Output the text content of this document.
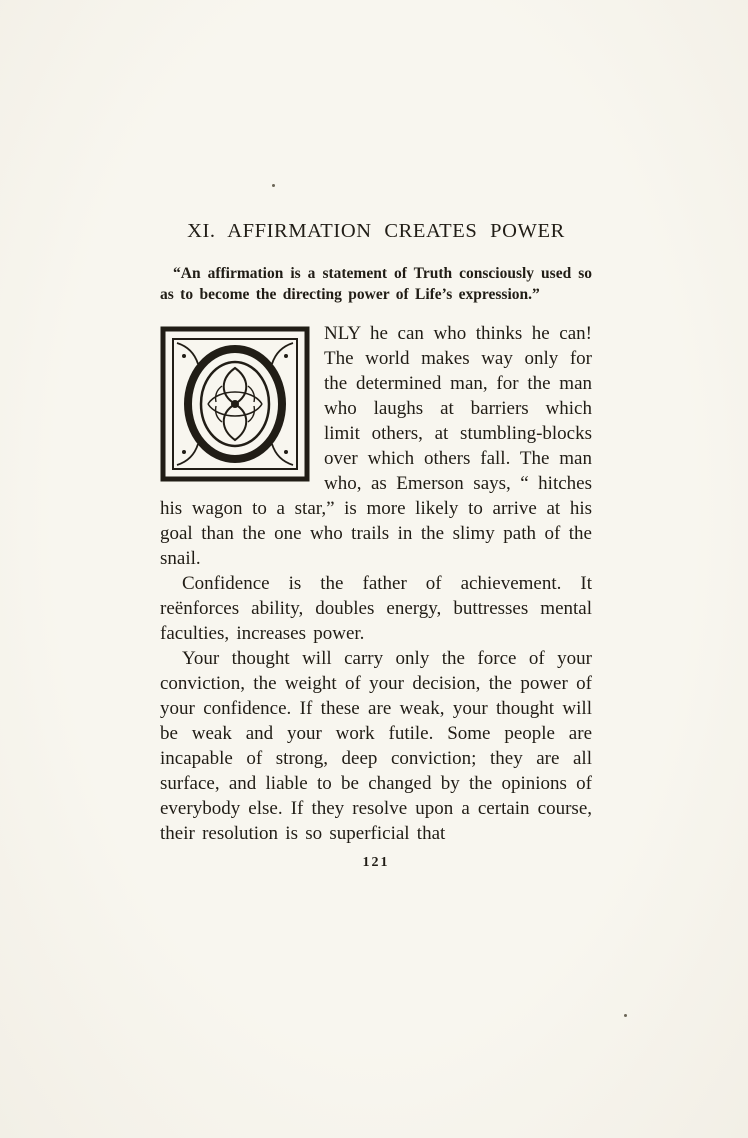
XI. AFFIRMATION CREATES POWER

“An affirmation is a statement of Truth consciously used so as to become the directing power of Life’s expression.”

NLY he can who thinks he can! The world makes way only for the determined man, for the man who laughs at barriers which limit others, at stumbling-blocks over which others fall. The man who, as Emerson says, “ hitches his wagon to a star,” is more likely to arrive at his goal than the one who trails in the slimy path of the snail.

Confidence is the father of achievement. It reënforces ability, doubles energy, buttresses mental faculties, increases power.

Your thought will carry only the force of your conviction, the weight of your decision, the power of your confidence. If these are weak, your thought will be weak and your work futile. Some people are incapable of strong, deep conviction; they are all surface, and liable to be changed by the opinions of everybody else. If they resolve upon a certain course, their resolution is so superficial that

121
